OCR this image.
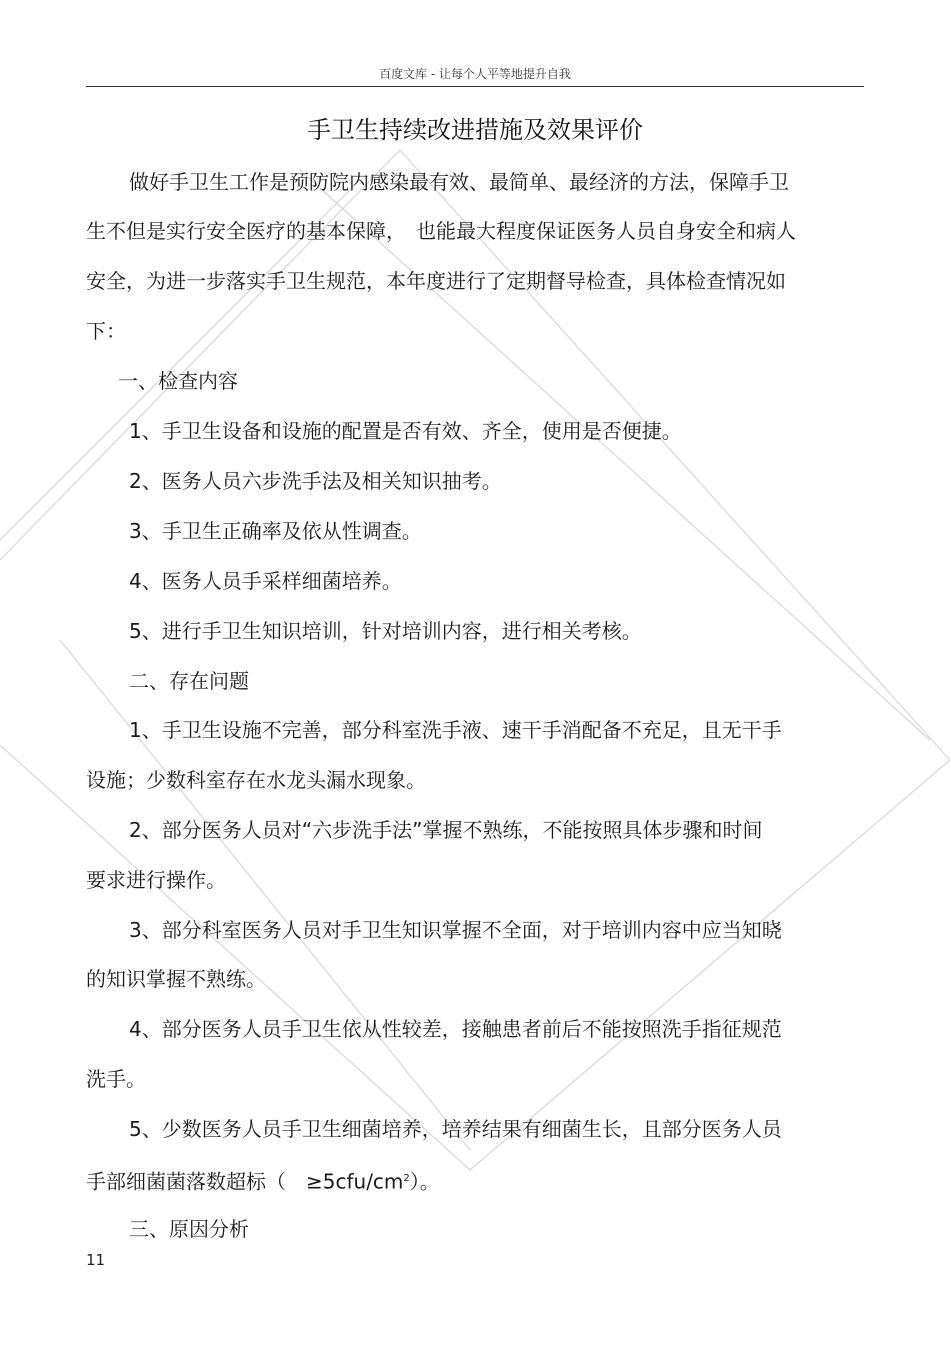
百度文库 - 让每个人平等地提升自我
手卫生持续改进措施及效果评价
做好手卫生工作是预防院内感染最有效、最简单、最经济的方法，保障手卫
生不但是实行安全医疗的基本保障，　也能最大程度保证医务人员自身安全和病人
安全，为进一步落实手卫生规范，本年度进行了定期督导检查，具体检查情况如
下：
一、检查内容
1、手卫生设备和设施的配置是否有效、齐全，使用是否便捷。
2、医务人员六步洗手法及相关知识抽考。
3、手卫生正确率及依从性调查。
4、医务人员手采样细菌培养。
5、进行手卫生知识培训，针对培训内容，进行相关考核。
二、存在问题
1、手卫生设施不完善，部分科室洗手液、速干手消配备不充足，且无干手
设施；少数科室存在水龙头漏水现象。
2、部分医务人员对“六步洗手法”掌握不熟练，不能按照具体步骤和时间
要求进行操作。
3、部分科室医务人员对手卫生知识掌握不全面，对于培训内容中应当知晓
的知识掌握不熟练。
4、部分医务人员手卫生依从性较差，接触患者前后不能按照洗手指征规范
洗手。
5、少数医务人员手卫生细菌培养，培养结果有细菌生长，且部分医务人员
手部细菌菌落数超标（　$\ge 5cfu/cm^2$）。
三、原因分析
11
